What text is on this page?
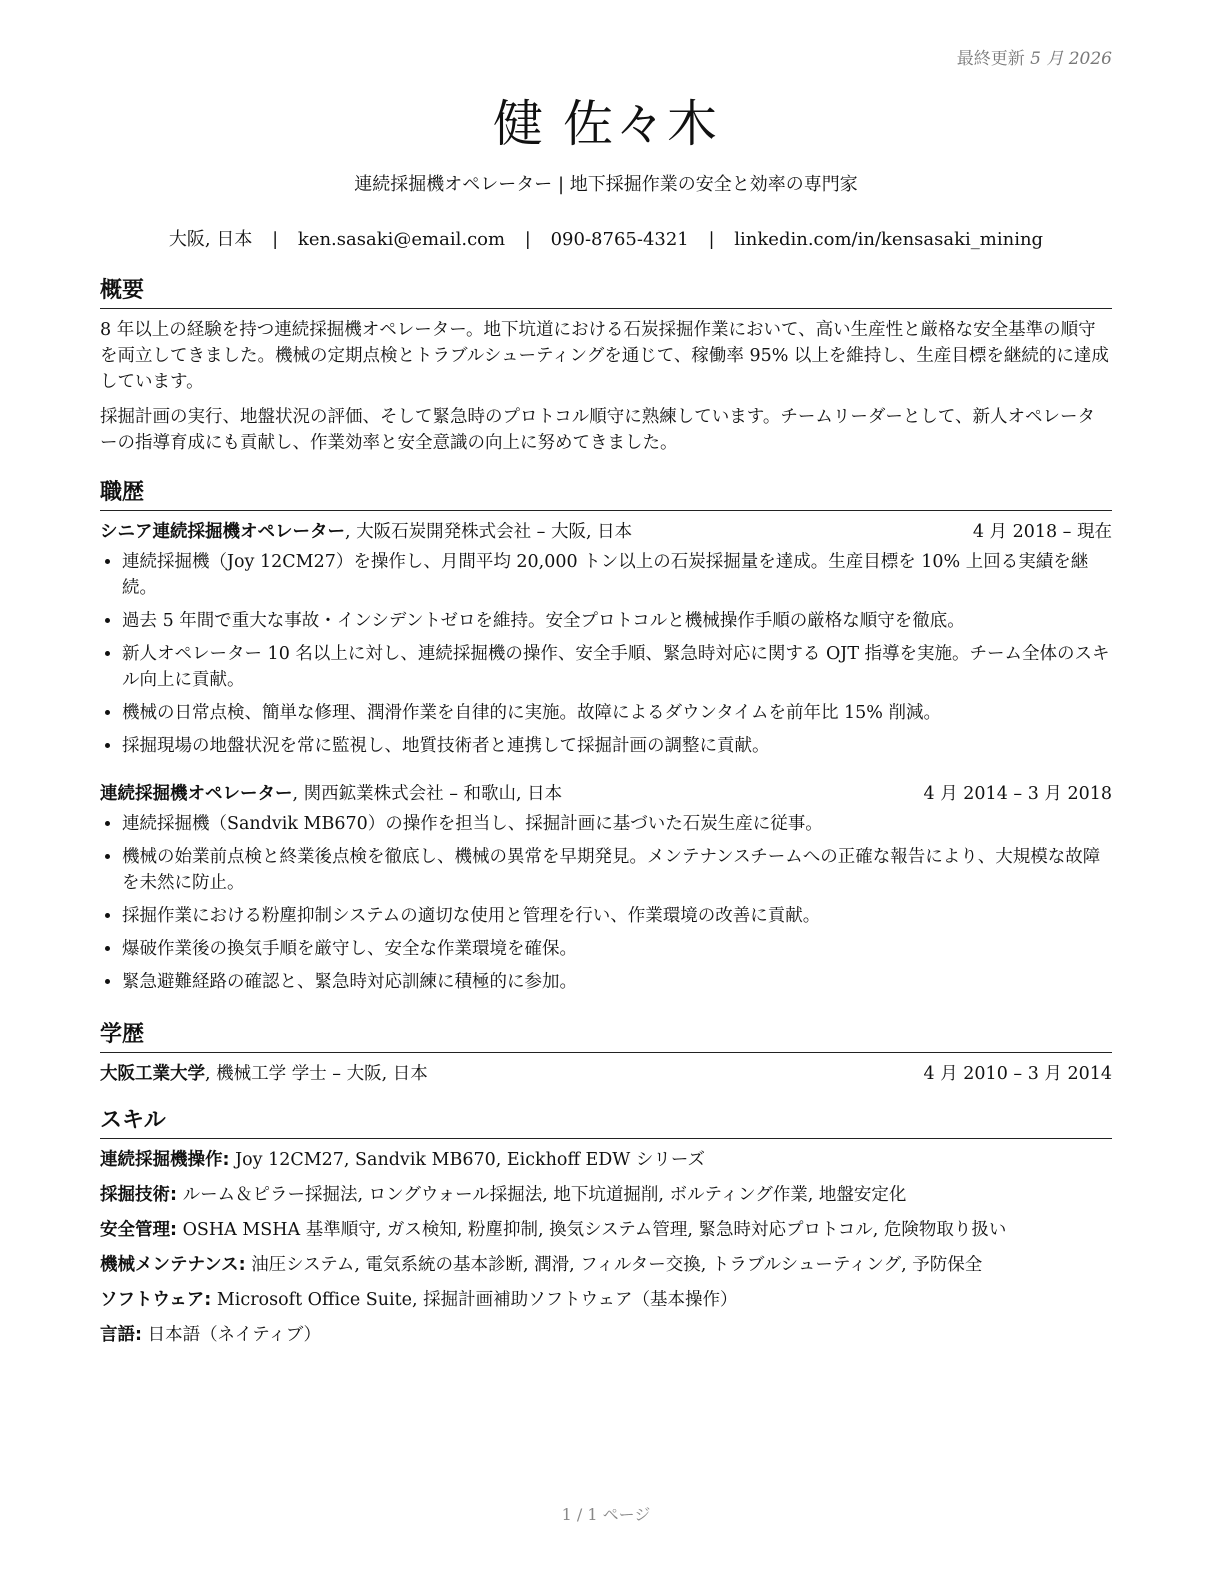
最終更新 5 月 2026
健 佐々木
連続採掘機オペレーター | 地下採掘作業の安全と効率の専門家
大阪, 日本 | ken.sasaki@email.com | 090-8765-4321 | linkedin.com/in/kensasaki_mining
概要

8 年以上の経験を持つ連続採掘機オペレーター。地下坑道における石炭採掘作業において、高い生産性と厳格な安全基準の順守を両立してきました。機械の定期点検とトラブルシューティングを通じて、稼働率 95% 以上を維持し、生産目標を継続的に達成しています。

採掘計画の実行、地盤状況の評価、そして緊急時のプロトコル順守に熟練しています。チームリーダーとして、新人オペレーターの指導育成にも貢献し、作業効率と安全意識の向上に努めてきました。

職歴
シニア連続採掘機オペレーター, 大阪石炭開発株式会社 – 大阪, 日本	4 月 2018 – 現在
• 連続採掘機（Joy 12CM27）を操作し、月間平均 20,000 トン以上の石炭採掘量を達成。生産目標を 10% 上回る実績を継続。
• 過去 5 年間で重大な事故・インシデントゼロを維持。安全プロトコルと機械操作手順の厳格な順守を徹底。
• 新人オペレーター 10 名以上に対し、連続採掘機の操作、安全手順、緊急時対応に関する OJT 指導を実施。チーム全体のスキル向上に貢献。
• 機械の日常点検、簡単な修理、潤滑作業を自律的に実施。故障によるダウンタイムを前年比 15% 削減。
• 採掘現場の地盤状況を常に監視し、地質技術者と連携して採掘計画の調整に貢献。
連続採掘機オペレーター, 関西鉱業株式会社 – 和歌山, 日本	4 月 2014 – 3 月 2018
• 連続採掘機（Sandvik MB670）の操作を担当し、採掘計画に基づいた石炭生産に従事。
• 機械の始業前点検と終業後点検を徹底し、機械の異常を早期発見。メンテナンスチームへの正確な報告により、大規模な故障を未然に防止。
• 採掘作業における粉塵抑制システムの適切な使用と管理を行い、作業環境の改善に貢献。
• 爆破作業後の換気手順を厳守し、安全な作業環境を確保。
• 緊急避難経路の確認と、緊急時対応訓練に積極的に参加。
学歴
大阪工業大学, 機械工学 学士 – 大阪, 日本	4 月 2010 – 3 月 2014
スキル
連続採掘機操作: Joy 12CM27, Sandvik MB670, Eickhoff EDW シリーズ
採掘技術: ルーム＆ピラー採掘法, ロングウォール採掘法, 地下坑道掘削, ボルティング作業, 地盤安定化
安全管理: OSHA MSHA 基準順守, ガス検知, 粉塵抑制, 換気システム管理, 緊急時対応プロトコル, 危険物取り扱い
機械メンテナンス: 油圧システム, 電気系統の基本診断, 潤滑, フィルター交換, トラブルシューティング, 予防保全
ソフトウェア: Microsoft Office Suite, 採掘計画補助ソフトウェア（基本操作）
言語: 日本語（ネイティブ）
1 / 1 ページ
